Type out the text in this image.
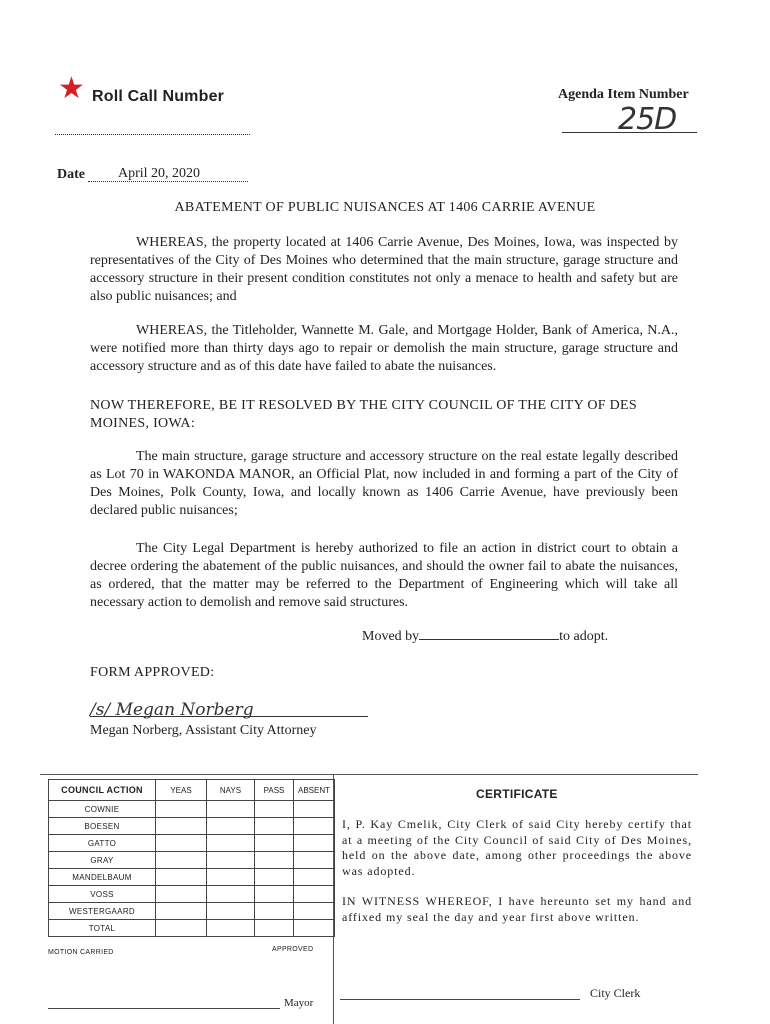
★ Roll Call Number	Agenda Item Number
25D
Date April 20, 2020
ABATEMENT OF PUBLIC NUISANCES AT 1406 CARRIE AVENUE
WHEREAS, the property located at 1406 Carrie Avenue, Des Moines, Iowa, was inspected by representatives of the City of Des Moines who determined that the main structure, garage structure and accessory structure in their present condition constitutes not only a menace to health and safety but are also public nuisances; and
WHEREAS, the Titleholder, Wannette M. Gale, and Mortgage Holder, Bank of America, N.A., were notified more than thirty days ago to repair or demolish the main structure, garage structure and accessory structure and as of this date have failed to abate the nuisances.
NOW THEREFORE, BE IT RESOLVED BY THE CITY COUNCIL OF THE CITY OF DES MOINES, IOWA:
The main structure, garage structure and accessory structure on the real estate legally described as Lot 70 in WAKONDA MANOR, an Official Plat, now included in and forming a part of the City of Des Moines, Polk County, Iowa, and locally known as 1406 Carrie Avenue, have previously been declared public nuisances;
The City Legal Department is hereby authorized to file an action in district court to obtain a decree ordering the abatement of the public nuisances, and should the owner fail to abate the nuisances, as ordered, that the matter may be referred to the Department of Engineering which will take all necessary action to demolish and remove said structures.
Moved by	to adopt.
FORM APPROVED:
/s/ Megan Norberg
Megan Norberg, Assistant City Attorney
COUNCIL ACTION	YEAS	NAYS	PASS	ABSENT
COWNIE				
BOESEN				
GATTO				
GRAY				
MANDELBAUM				
VOSS				
WESTERGAARD				
TOTAL				
MOTION CARRIED	APPROVED
Mayor
CERTIFICATE
I, P. Kay Cmelik, City Clerk of said City hereby certify that at a meeting of the City Council of said City of Des Moines, held on the above date, among other proceedings the above was adopted.
IN WITNESS WHEREOF, I have hereunto set my hand and affixed my seal the day and year first above written.
City Clerk
